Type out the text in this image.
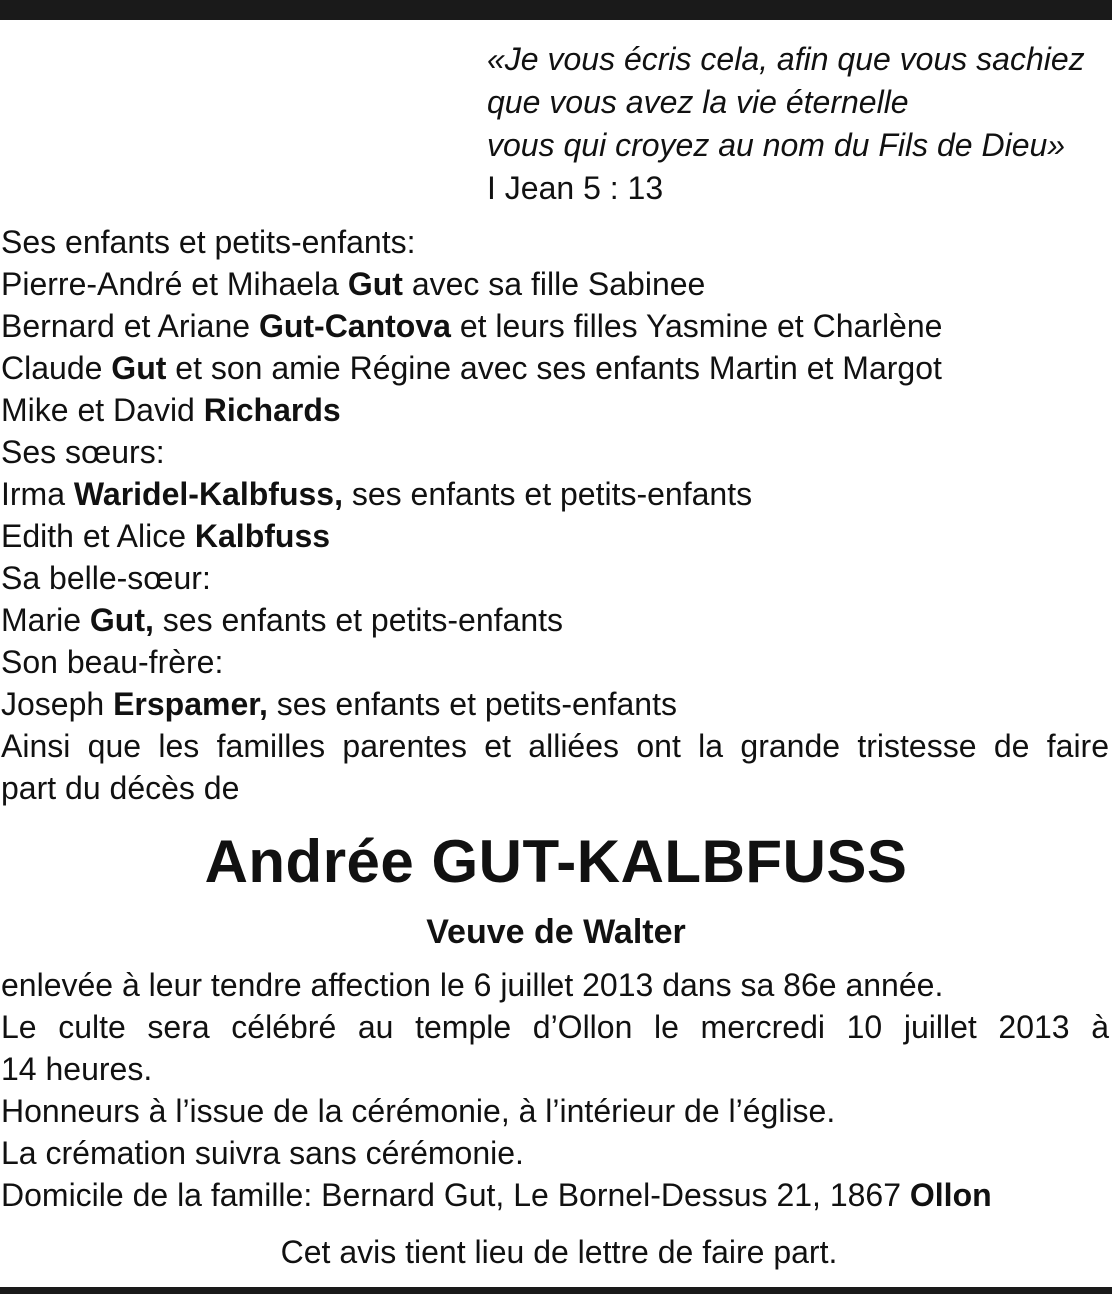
«Je vous écris cela, afin que vous sachiez
que vous avez la vie éternelle
vous qui croyez au nom du Fils de Dieu»
I Jean 5 : 13
Ses enfants et petits-enfants:
Pierre-André et Mihaela Gut avec sa fille Sabinee
Bernard et Ariane Gut-Cantova et leurs filles Yasmine et Charlène
Claude Gut et son amie Régine avec ses enfants Martin et Margot
Mike et David Richards
Ses sœurs:
Irma Waridel-Kalbfuss, ses enfants et petits-enfants
Edith et Alice Kalbfuss
Sa belle-sœur:
Marie Gut, ses enfants et petits-enfants
Son beau-frère:
Joseph Erspamer, ses enfants et petits-enfants
Ainsi que les familles parentes et alliées ont la grande tristesse de faire
part du décès de
Andrée GUT-KALBFUSS
Veuve de Walter
enlevée à leur tendre affection le 6 juillet 2013 dans sa 86e année.
Le culte sera célébré au temple d’Ollon le mercredi 10 juillet 2013 à
14 heures.
Honneurs à l’issue de la cérémonie, à l’intérieur de l’église.
La crémation suivra sans cérémonie.
Domicile de la famille: Bernard Gut, Le Bornel-Dessus 21, 1867 Ollon
Cet avis tient lieu de lettre de faire part.
